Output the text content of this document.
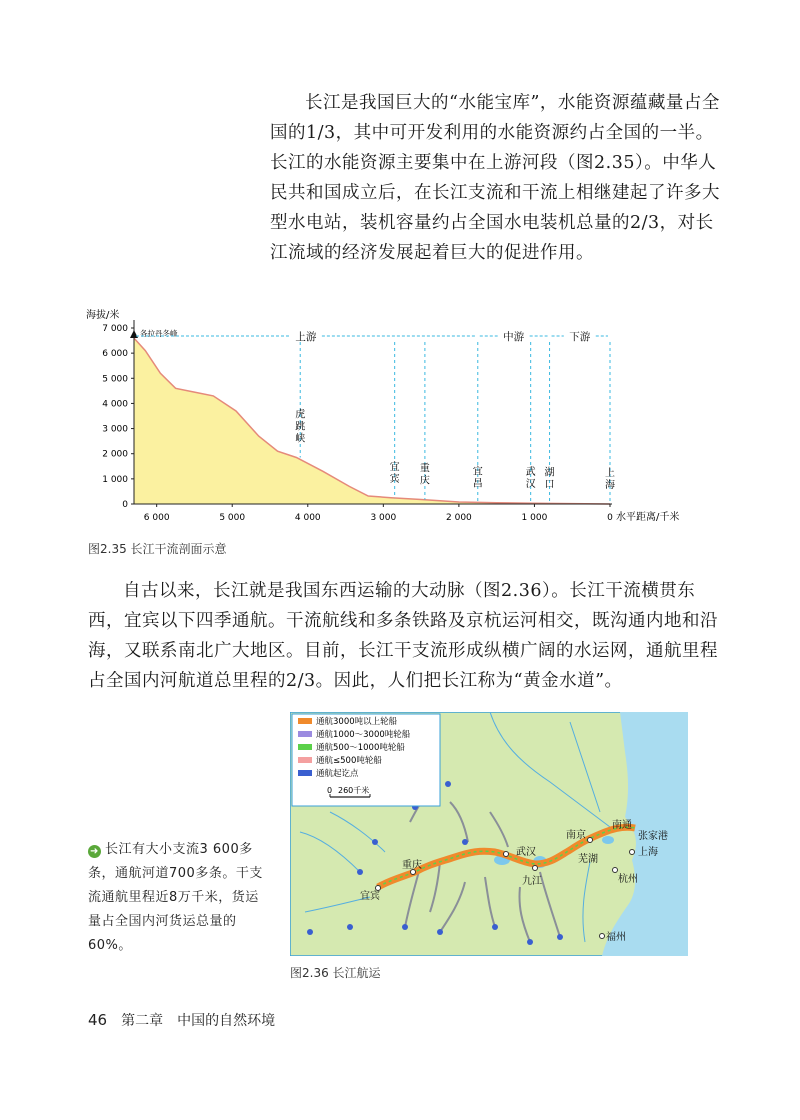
长江是我国巨大的“水能宝库”，水能资源蕴藏量占全国的1/3，其中可开发利用的水能资源约占全国的一半。长江的水能资源主要集中在上游河段（图2.35）。中华人民共和国成立后，在长江支流和干流上相继建起了许多大型水电站，装机容量约占全国水电装机总量的2/3，对长江流域的经济发展起着巨大的促进作用。

海拔/米
水平距离/千米
7 000
6 000
5 000
4 000
3 000
2 000
1 000
0
6 000	5 000	4 000	3 000	2 000	1 000	0
各拉丹冬峰	上游	中游	下游
虎
跳
峡
宜
宾
重
庆
宜
昌
武
汉
湖
口
上
海
图2.35 长江干流剖面示意

自古以来，长江就是我国东西运输的大动脉（图2.36）。长江干流横贯东西，宜宾以下四季通航。干流航线和多条铁路及京杭运河相交，既沟通内地和沿海，又联系南北广大地区。目前，长江干支流形成纵横广阔的水运网，通航里程占全国内河航道总里程的2/3。因此，人们把长江称为“黄金水道”。

➜ 长江有大小支流3 600多条，通航河道700多条。干支流通航里程近8万千米，货运量占全国内河货运总量的60%。
通航3000吨以上轮船
通航1000～3000吨轮船
通航500～1000吨轮船
通航≤500吨轮船
通航起讫点
0 260千米
宜宾
重庆
武汉
九江
芜湖
南京
南通
张家港
上海
杭州
福州
图2.36 长江航运
46 第二章　中国的自然环境
